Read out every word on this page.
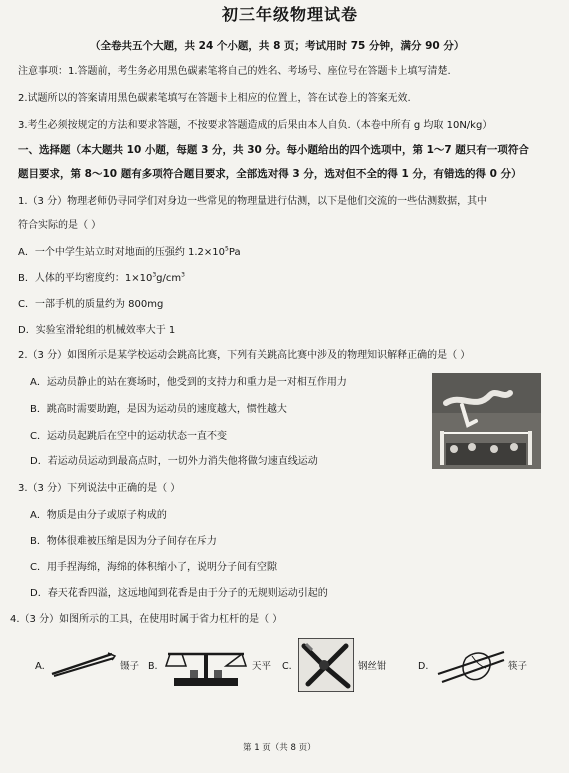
初三年级物理试卷
（全卷共五个大题，共 24 个小题，共 8 页；考试用时 75 分钟，满分 90 分）
注意事项：1.答题前，考生务必用黑色碳素笔将自己的姓名、考场号、座位号在答题卡上填写清楚.
2.试题所以的答案请用黑色碳素笔填写在答题卡上相应的位置上，答在试卷上的答案无效.
3.考生必须按规定的方法和要求答题，不按要求答题造成的后果由本人自负.（本卷中所有 g 均取 10N/kg）
一、选择题（本大题共 10 小题，每题 3 分，共 30 分。每小题给出的四个选项中，第 1～7 题只有一项符合
题目要求，第 8～10 题有多项符合题目要求，全部选对得 3 分，选对但不全的得 1 分，有错选的得 0 分）
1.（3 分）物理老师仍寻同学们对身边一些常见的物理量进行估测，以下是他们交流的一些估测数据，其中
符合实际的是（ ）
A．一个中学生站立时对地面的压强约 $1.2\times 10^5Pa$
B．人体的平均密度约：$1\times 10^3g/cm^3$
C．一部手机的质量约为 800mg
D．实验室滑轮组的机械效率大于 1
2.（3 分）如图所示是某学校运动会跳高比赛，下列有关跳高比赛中涉及的物理知识解释正确的是（ ）
A．运动员静止的站在赛场时，他受到的支持力和重力是一对相互作用力
B．跳高时需要助跑，是因为运动员的速度越大，惯性越大
C．运动员起跳后在空中的运动状态一直不变
D．若运动员运动到最高点时，一切外力消失他将做匀速直线运动
3.（3 分）下列说法中正确的是（ ）
A．物质是由分子或原子构成的
B．物体很难被压缩是因为分子间存在斥力
C．用手捏海绵，海绵的体积缩小了，说明分子间有空隙
D．春天花香四溢，这远地闻到花香是由于分子的无规则运动引起的
4.（3 分）如图所示的工具，在使用时属于省力杠杆的是（ ）
A.	镊子 B.	天平 C.	钢丝钳	D.	筷子
第 1 页（共 8 页）
